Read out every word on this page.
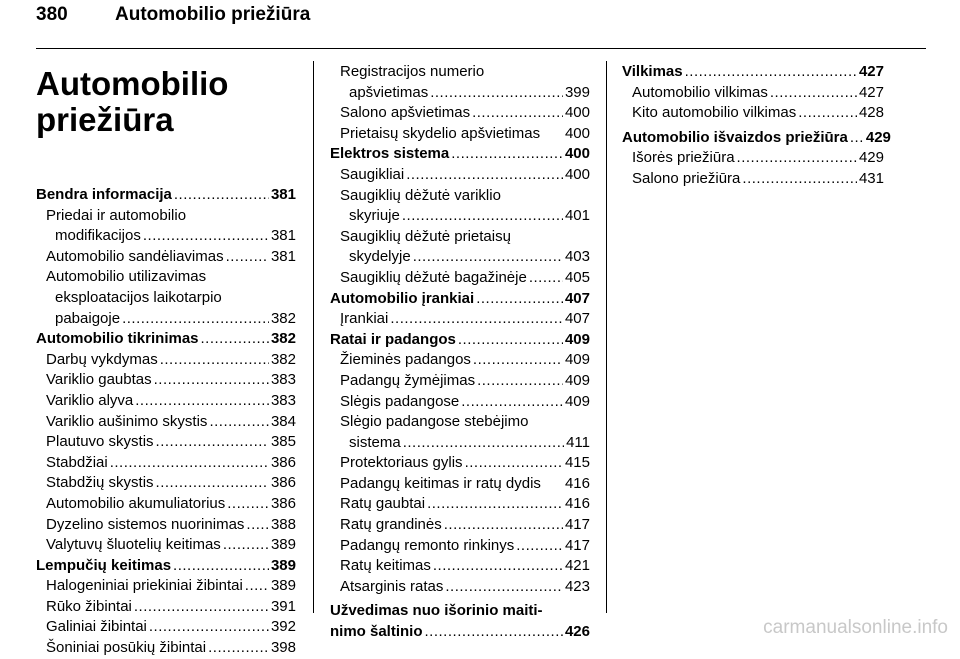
380 Automobilio priežiūra
Automobilio
priežiūra
Bendra informacija .....	381
Priedai ir automobilio
modifikacijos .....	381
Automobilio sandėliavimas .....	381
Automobilio utilizavimas
eksploatacijos laikotarpio
pabaigoje .....	382
Automobilio tikrinimas .....	382
Darbų vykdymas .....	382
Variklio gaubtas .....	383
Variklio alyva .....	383
Variklio aušinimo skystis .....	384
Plautuvo skystis .....	385
Stabdžiai .....	386
Stabdžių skystis .....	386
Automobilio akumuliatorius .....	386
Dyzelino sistemos nuorinimas ..... 388
Valytuvų šluotelių keitimas .....	389
Lempučių keitimas .....	389
Halogeniniai priekiniai žibintai ..... 389
Rūko žibintai .....	391
Galiniai žibintai .....	392
Šoniniai posūkių žibintai .....	398
Registracijos numerio
apšvietimas .....	399
Salono apšvietimas .....	400
Prietaisų skydelio apšvietimas 400
Elektros sistema .....	400
Saugikliai .....	400
Saugiklių dėžutė variklio
skyriuje .....	401
Saugiklių dėžutė prietaisų
skydelyje .....	403
Saugiklių dėžutė bagažinėje .....	405
Automobilio įrankiai .....	407
Įrankiai .....	407
Ratai ir padangos .....	409
Žieminės padangos .....	409
Padangų žymėjimas .....	409
Slėgis padangose .....	409
Slėgio padangose stebėjimo
sistema .....	411
Protektoriaus gylis .....	415
Padangų keitimas ir ratų dydis 416
Ratų gaubtai .....	416
Ratų grandinės .....	417
Padangų remonto rinkinys .....	417
Ratų keitimas .....	421
Atsarginis ratas .....	423
Užvedimas nuo išorinio maiti-
nimo šaltinio .....	426
Vilkimas .....	427
Automobilio vilkimas .....	427
Kito automobilio vilkimas .....	428
Automobilio išvaizdos priežiūra ..... 429
Išorės priežiūra .....	429
Salono priežiūra .....	431
carmanualsonline.info
